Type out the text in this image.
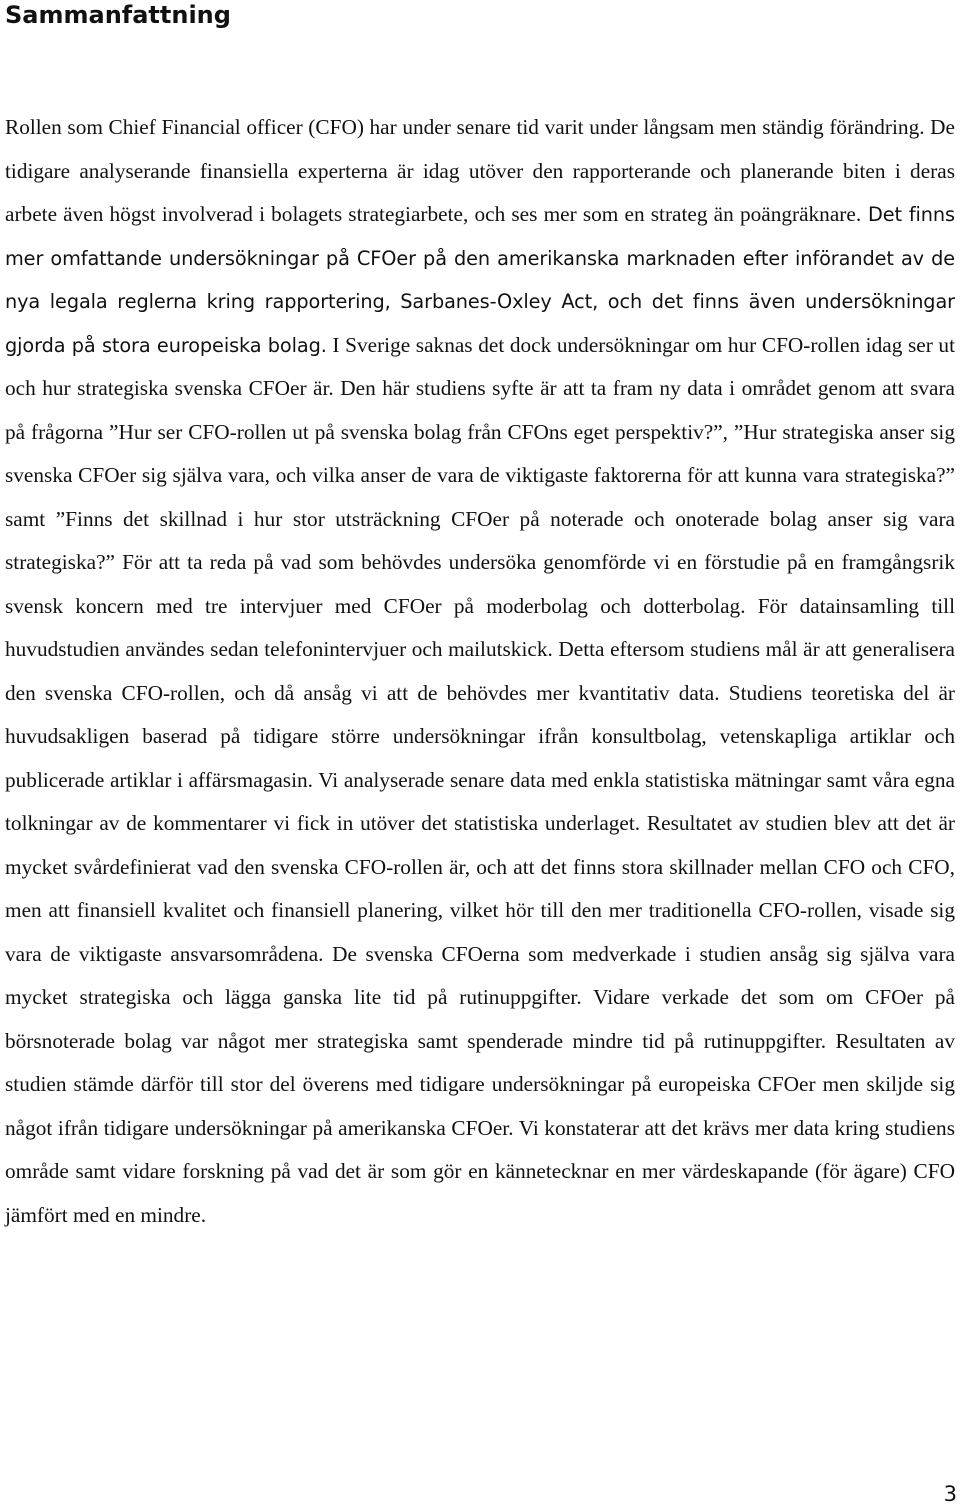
Sammanfattning

Rollen som Chief Financial officer (CFO) har under senare tid varit under långsam men ständig förändring. De tidigare analyserande finansiella experterna är idag utöver den rapporterande och planerande biten i deras arbete även högst involverad i bolagets strategiarbete, och ses mer som en strateg än poängräknare. Det finns mer omfattande undersökningar på CFOer på den amerikanska marknaden efter införandet av de nya legala reglerna kring rapportering, Sarbanes-Oxley Act, och det finns även undersökningar gjorda på stora europeiska bolag. I Sverige saknas det dock undersökningar om hur CFO-rollen idag ser ut och hur strategiska svenska CFOer är. Den här studiens syfte är att ta fram ny data i området genom att svara på frågorna ”Hur ser CFO-rollen ut på svenska bolag från CFOns eget perspektiv?”, ”Hur strategiska anser sig svenska CFOer sig själva vara, och vilka anser de vara de viktigaste faktorerna för att kunna vara strategiska?” samt ”Finns det skillnad i hur stor utsträckning CFOer på noterade och onoterade bolag anser sig vara strategiska?” För att ta reda på vad som behövdes undersöka genomförde vi en förstudie på en framgångsrik svensk koncern med tre intervjuer med CFOer på moderbolag och dotterbolag. För datainsamling till huvudstudien användes sedan telefonintervjuer och mailutskick. Detta eftersom studiens mål är att generalisera den svenska CFO-rollen, och då ansåg vi att de behövdes mer kvantitativ data. Studiens teoretiska del är huvudsakligen baserad på tidigare större undersökningar ifrån konsultbolag, vetenskapliga artiklar och publicerade artiklar i affärsmagasin. Vi analyserade senare data med enkla statistiska mätningar samt våra egna tolkningar av de kommentarer vi fick in utöver det statistiska underlaget. Resultatet av studien blev att det är mycket svårdefinierat vad den svenska CFO-rollen är, och att det finns stora skillnader mellan CFO och CFO, men att finansiell kvalitet och finansiell planering, vilket hör till den mer traditionella CFO-rollen, visade sig vara de viktigaste ansvarsområdena. De svenska CFOerna som medverkade i studien ansåg sig själva vara mycket strategiska och lägga ganska lite tid på rutinuppgifter. Vidare verkade det som om CFOer på börsnoterade bolag var något mer strategiska samt spenderade mindre tid på rutinuppgifter. Resultaten av studien stämde därför till stor del överens med tidigare undersökningar på europeiska CFOer men skiljde sig något ifrån tidigare undersökningar på amerikanska CFOer. Vi konstaterar att det krävs mer data kring studiens område samt vidare forskning på vad det är som gör en kännetecknar en mer värdeskapande (för ägare) CFO jämfört med en mindre.

3
